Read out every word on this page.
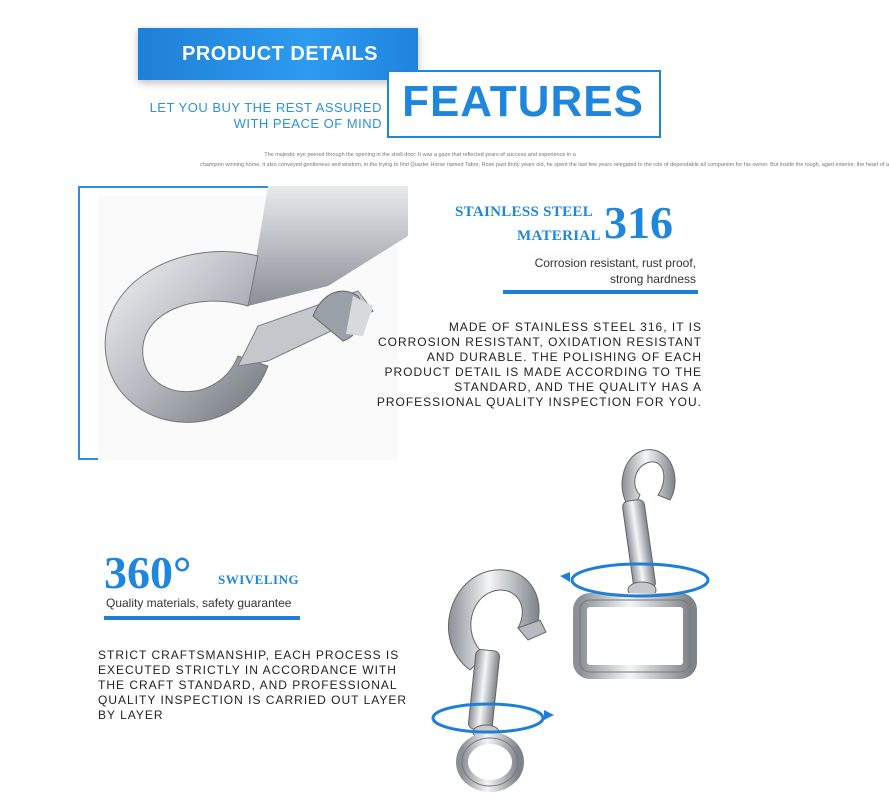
PRODUCT DETAILS
FEATURES
LET YOU BUY THE REST ASSURED
WITH PEACE OF MIND
The majestic eye peered through the opening in the shell door. It was a gaze that reflected years of success and experience in a
champion winning horse, it also conveyed gentleness and wisdom, in the trying to find Quarter Horse named Tabor, Rose past thirty years old, he spent the last few years relegated to the role of dependable all companion for his owner. But inside the tough, aged exterior, the heart of a
STAINLESS STEEL
MATERIAL 316
Corrosion resistant, rust proof,
strong hardness
MADE OF STAINLESS STEEL 316, IT IS CORROSION RESISTANT, OXIDATION RESISTANT AND DURABLE. THE POLISHING OF EACH PRODUCT DETAIL IS MADE ACCORDING TO THE STANDARD, AND THE QUALITY HAS A PROFESSIONAL QUALITY INSPECTION FOR YOU.
360° SWIVELING
Quality materials, safety guarantee
STRICT CRAFTSMANSHIP, EACH PROCESS IS EXECUTED STRICTLY IN ACCORDANCE WITH THE CRAFT STANDARD, AND PROFESSIONAL QUALITY INSPECTION IS CARRIED OUT LAYER BY LAYER
